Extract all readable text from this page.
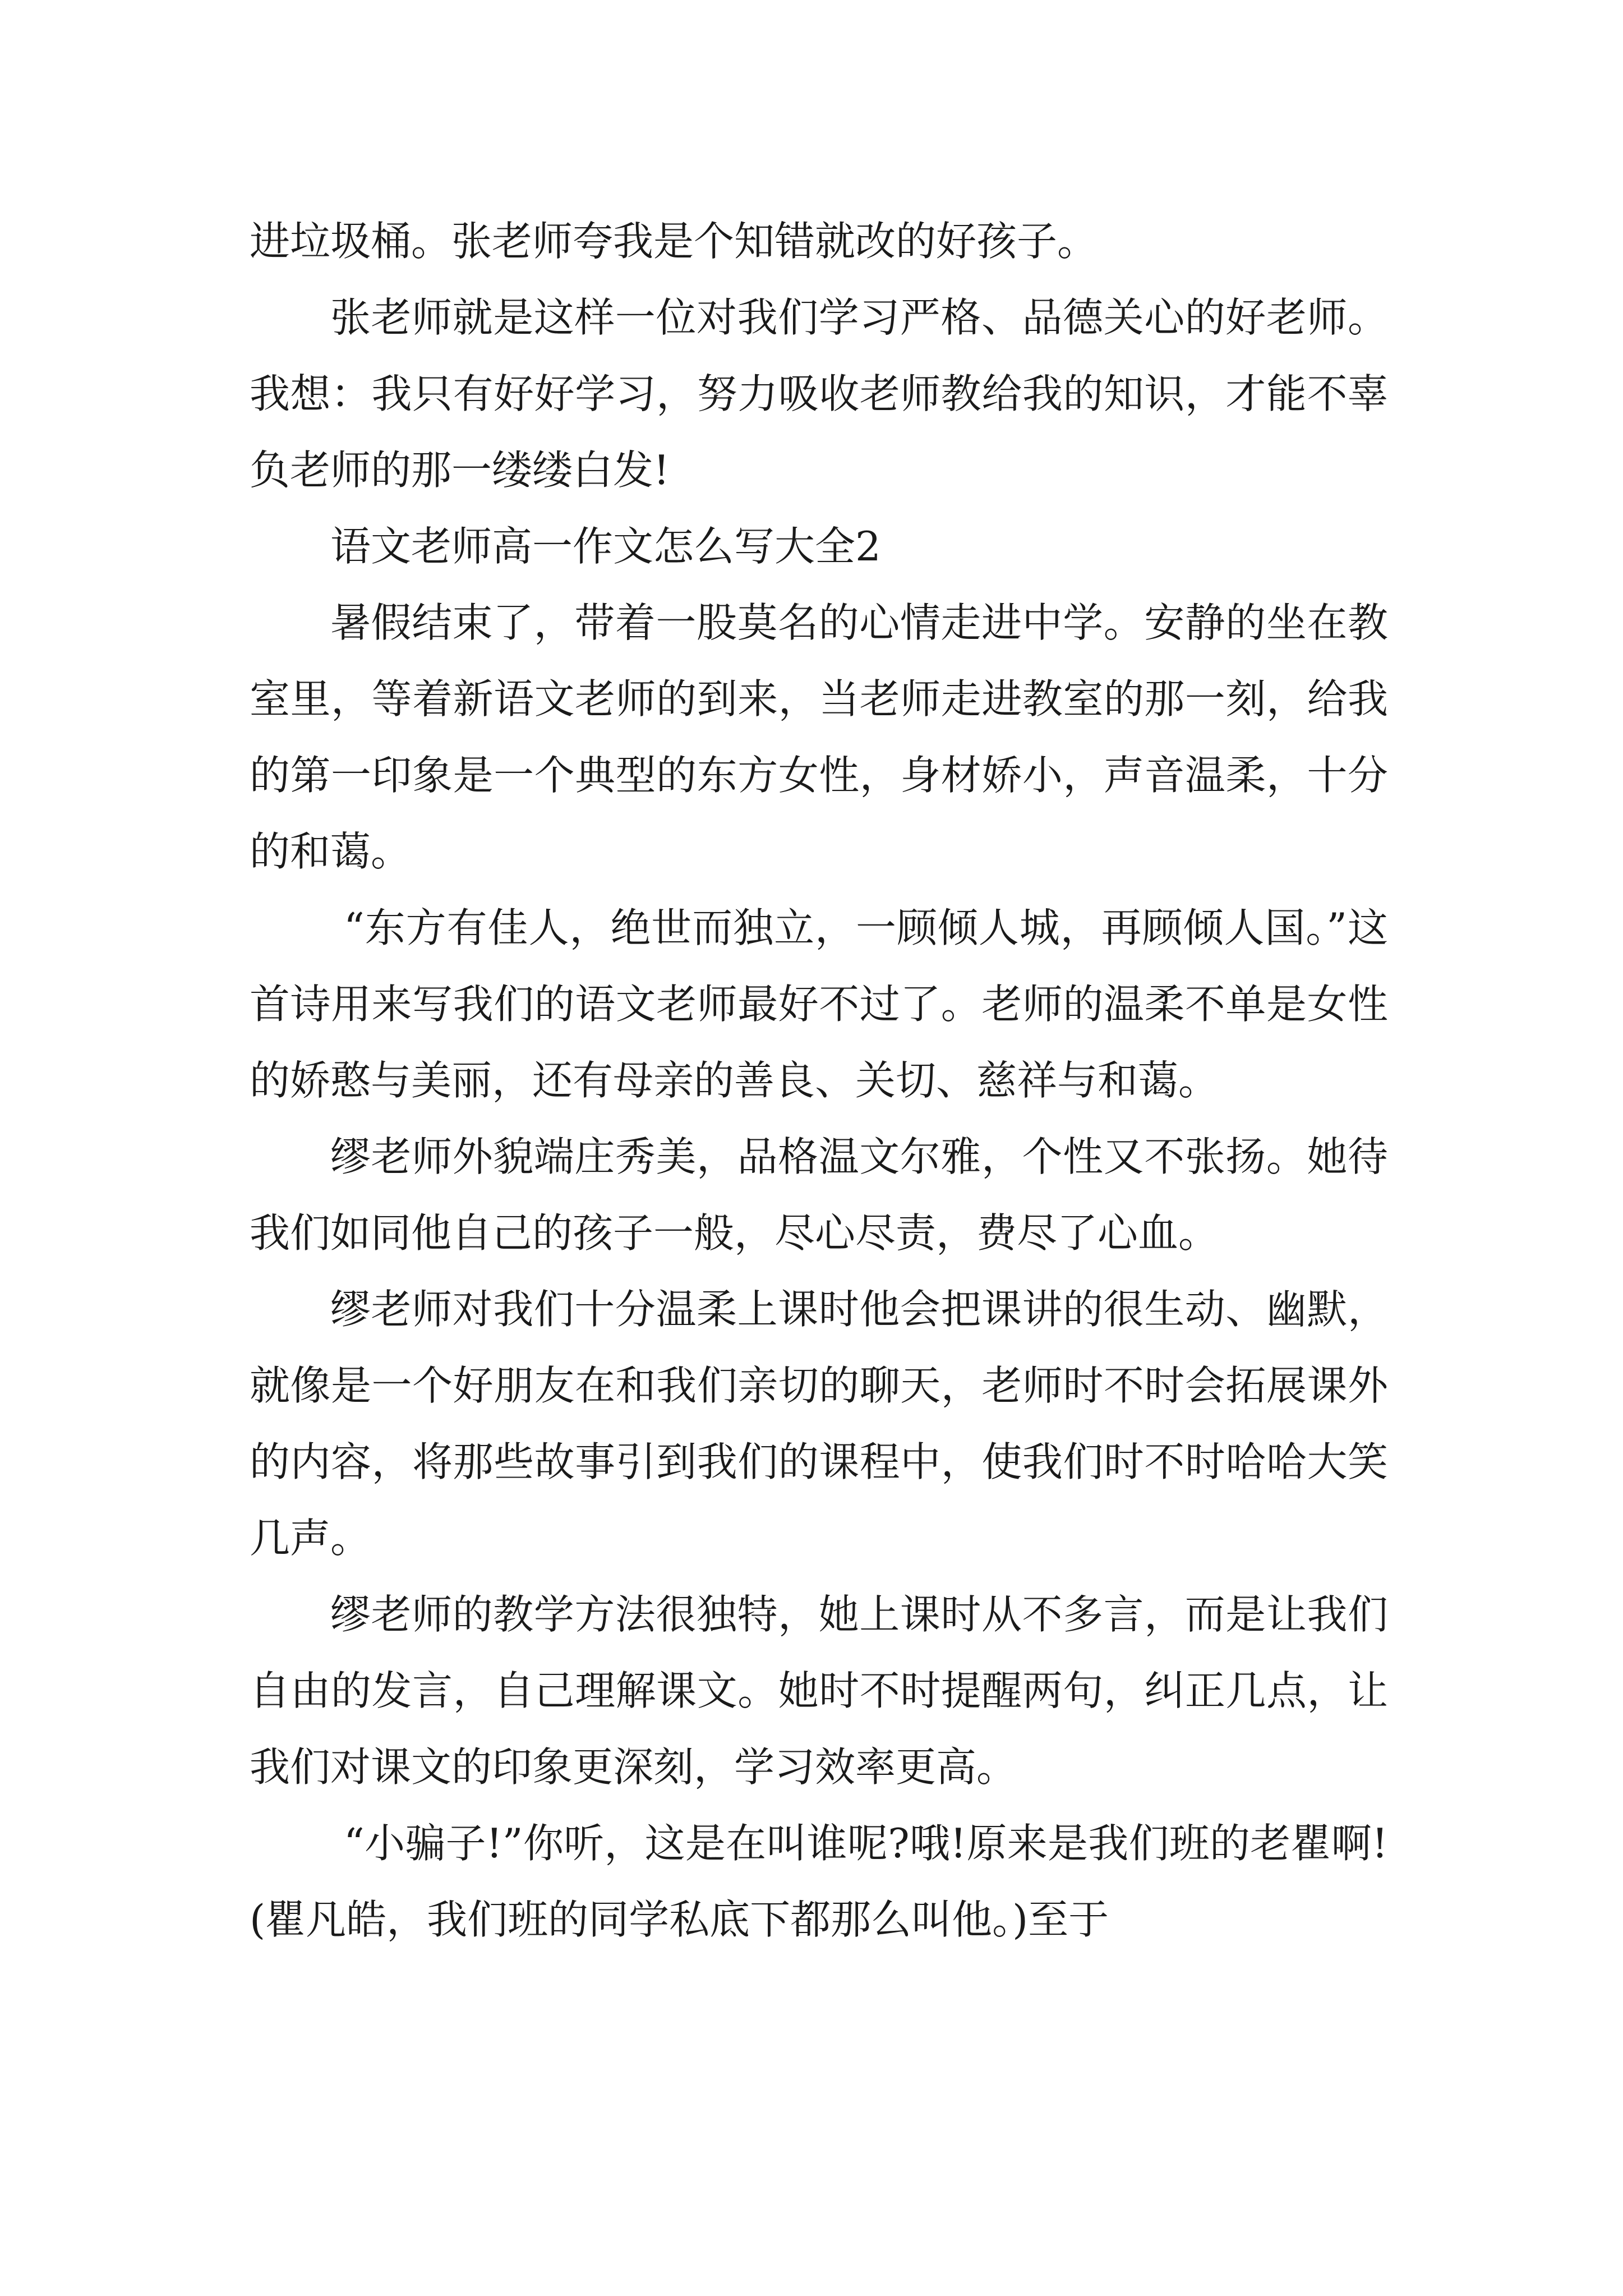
进垃圾桶。张老师夸我是个知错就改的好孩子。

张老师就是这样一位对我们学习严格、品德关心的好老师。我想：我只有好好学习，努力吸收老师教给我的知识，才能不辜负老师的那一缕缕白发!

语文老师高一作文怎么写大全2

暑假结束了，带着一股莫名的心情走进中学。安静的坐在教室里，等着新语文老师的到来，当老师走进教室的那一刻，给我的第一印象是一个典型的东方女性，身材娇小，声音温柔，十分的和蔼。

“东方有佳人，绝世而独立，一顾倾人城，再顾倾人国。”这首诗用来写我们的语文老师最好不过了。老师的温柔不单是女性的娇憨与美丽，还有母亲的善良、关切、慈祥与和蔼。

缪老师外貌端庄秀美，品格温文尔雅，个性又不张扬。她待我们如同他自己的孩子一般，尽心尽责，费尽了心血。

缪老师对我们十分温柔上课时他会把课讲的很生动、幽默，就像是一个好朋友在和我们亲切的聊天，老师时不时会拓展课外的内容，将那些故事引到我们的课程中，使我们时不时哈哈大笑几声。

缪老师的教学方法很独特，她上课时从不多言，而是让我们自由的发言，自己理解课文。她时不时提醒两句，纠正几点，让我们对课文的印象更深刻，学习效率更高。

“小骗子!”你听，这是在叫谁呢?哦!原来是我们班的老瞿啊!(瞿凡皓，我们班的同学私底下都那么叫他。)至于
